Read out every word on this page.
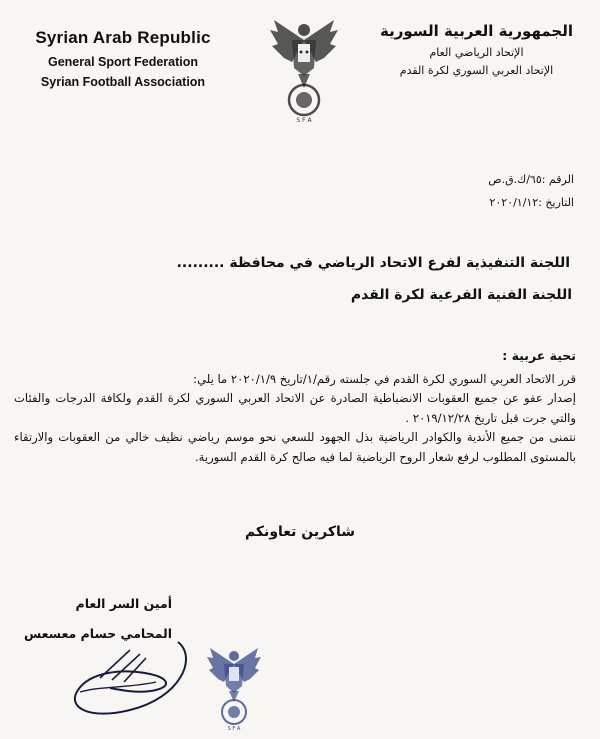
Syrian Arab Republic
General Sport Federation
Syrian Football Association
S F A
الجمهورية العربية السورية
الإتحاد الرياضي العام
الإتحاد العربي السوري لكرة القدم
الرقم :٦٥/ك.ق.ص
التاريخ :٢٠٢٠/١/١٢
اللجنة التنفيذية لفرع الاتحاد الرياضي في محافظة .........
اللجنة الفنية الفرعية لكرة القدم
تحية عربية :

قرر الاتحاد العربي السوري لكرة القدم في جلسته رقم/١/تاريخ ٢٠٢٠/١/٩ ما يلي:

إصدار عفو عن جميع العقوبات الانضباطية الصادرة عن الاتحاد العربي السوري لكرة القدم ولكافة الدرجات والفئات والتي جرت قبل تاريخ ٢٠١٩/١٢/٢٨ .

نتمنى من جميع الأندية والكوادر الرياضية بذل الجهود للسعي نحو موسم رياضي نظيف خالي من العقوبات والارتقاء بالمستوى المطلوب لرفع شعار الروح الرياضية لما فيه صالح كرة القدم السورية.

شاكرين تعاونكم
أمين السر العام
المحامي حسام معسعس
S F A
